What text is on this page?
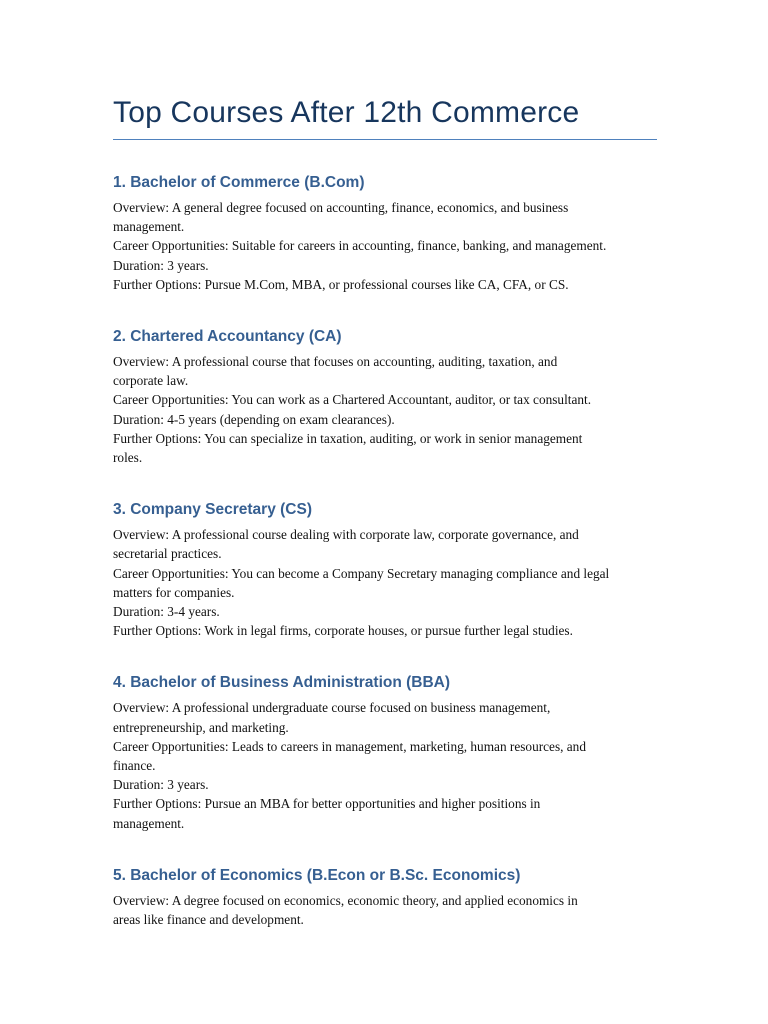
Top Courses After 12th Commerce
1. Bachelor of Commerce (B.Com)

Overview: A general degree focused on accounting, finance, economics, and business

management.

Career Opportunities: Suitable for careers in accounting, finance, banking, and management.

Duration: 3 years.

Further Options: Pursue M.Com, MBA, or professional courses like CA, CFA, or CS.

2. Chartered Accountancy (CA)

Overview: A professional course that focuses on accounting, auditing, taxation, and

corporate law.

Career Opportunities: You can work as a Chartered Accountant, auditor, or tax consultant.

Duration: 4-5 years (depending on exam clearances).

Further Options: You can specialize in taxation, auditing, or work in senior management

roles.

3. Company Secretary (CS)

Overview: A professional course dealing with corporate law, corporate governance, and

secretarial practices.

Career Opportunities: You can become a Company Secretary managing compliance and legal

matters for companies.

Duration: 3-4 years.

Further Options: Work in legal firms, corporate houses, or pursue further legal studies.

4. Bachelor of Business Administration (BBA)

Overview: A professional undergraduate course focused on business management,

entrepreneurship, and marketing.

Career Opportunities: Leads to careers in management, marketing, human resources, and

finance.

Duration: 3 years.

Further Options: Pursue an MBA for better opportunities and higher positions in

management.

5. Bachelor of Economics (B.Econ or B.Sc. Economics)

Overview: A degree focused on economics, economic theory, and applied economics in

areas like finance and development.
